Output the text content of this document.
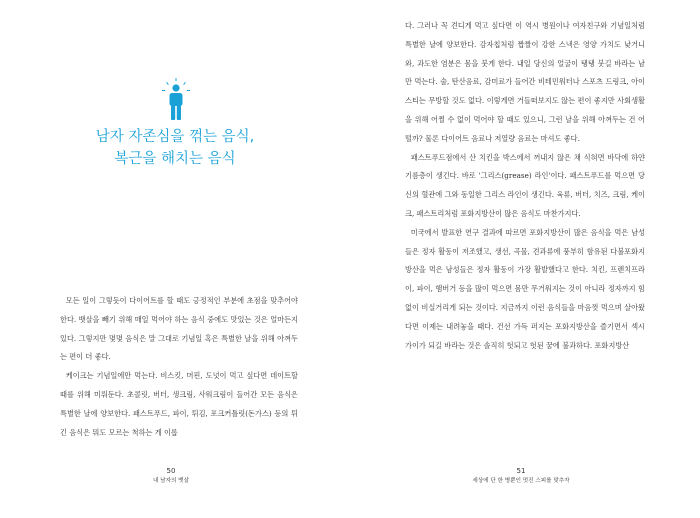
남자 자존심을 꺾는 음식,
복근을 해치는 음식

모든 일이 그렇듯이 다이어트를 할 때도 긍정적인 부분에 초점을 맞추어야 한다. 뱃살을 빼기 위해 매일 먹어야 하는 음식 중에도 맛있는 것은 얼마든지 있다. 그렇지만 몇몇 음식은 말 그대로 기념일 혹은 특별한 날을 위해 아껴두는 편이 더 좋다.

케이크는 기념일에만 먹는다. 비스킷, 머핀, 도넛이 먹고 싶다면 데이트할 때를 위해 미뤄둔다. 초콜릿, 버터, 생크림, 사워크림이 들어간 모든 음식은 특별한 날에 양보한다. 패스트푸드, 파이, 튀김, 포크커틀릿(돈가스) 등의 튀긴 음식은 뭐도 모르는 척하는 게 이롭

50
내 남자의 뱃살

다. 그러나 꼭 견디게 먹고 싶다면 이 역시 병원이나 여자친구와 기념일처럼 특별한 날에 양보한다. 감자칩처럼 짭짤이 강한 스낵은 영양 가치도 낮거니와, 과도한 염분은 몸을 붓게 한다. 내일 당신의 얼굴이 탱탱 붓길 바라는 남만 먹는다. 술, 탄산음료, 감미료가 들어간 비테민워터나 스포츠 드링크, 아이스티는 무방할 것도 없다. 이렇게면 거들떠보지도 않는 편이 좋지만 사회생활을 위해 어쩔 수 없이 먹어야 할 때도 있으니, 그런 날을 위해 아껴두는 건 어떨까? 물론 다이어트 음료나 저열량 음료는 마셔도 좋다.

패스트푸드점에서 산 치킨을 박스에서 꺼내지 않은 채 식혀면 바닥에 하얀 기름층이 생긴다. 바로 '그리스(grease) 라인'이다. 패스트푸드를 먹으면 당신의 혈관에 그와 동일한 그리스 라인이 생긴다. 육류, 버터, 치즈, 크림, 케이크, 패스트리처럼 포화지방산이 많은 음식도 마찬가지다.

미국에서 발표한 연구 결과에 따르면 포화지방산이 많은 음식을 먹은 남성들은 정자 활동이 저조했고, 생선, 곡물, 견과류에 풍부히 함유된 다불포화지방산을 먹은 남성들은 정자 활동이 가장 활발했다고 한다. 치킨, 프렌치프라이, 파이, 햄버거 등을 많이 먹으면 몸만 무거워지는 것이 아니라 정자까지 힘없이 비실거리게 되는 것이다. 지금까지 이런 음식들을 마음껏 먹으며 살아왔다면 이제는 내려놓을 때다. 건선 가득 퍼지는 포화지방산을 즐기면서 섹시 가이가 되길 바라는 것은 솔직히 헛되고 헛된 꿈에 불과하다. 포화지방산

51
세상에 단 한 병뿐인 멋진 스피를 맞추자
